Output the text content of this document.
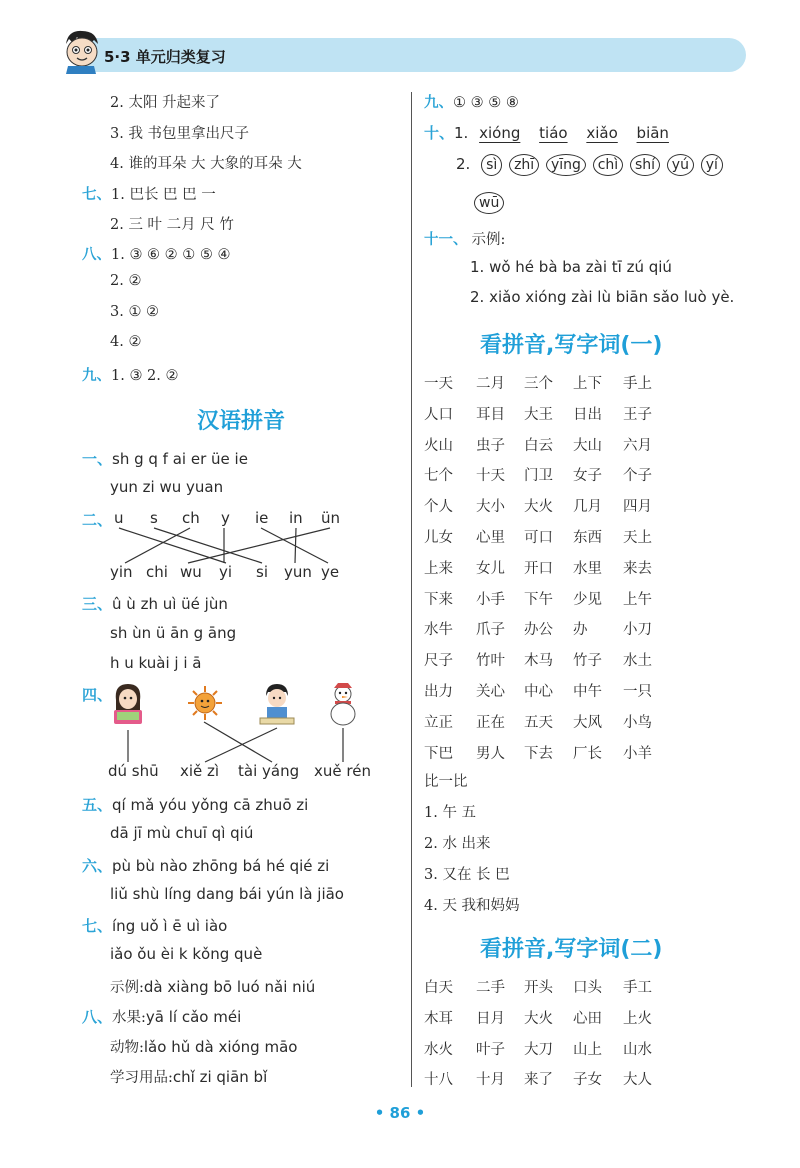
5·3 单元归类复习
2. 太阳 升起来了
3. 我 书包里拿出尺子
4. 谁的耳朵 大 大象的耳朵 大
七、1. 巴长 巴 巴 一
2. 三 叶 二月 尺 竹
八、1. ③ ⑥ ② ① ⑤ ④
2. ②
3. ① ②
4. ②
九、1. ③ 2. ②
汉语拼音
一、sh g q f ai er üe ie
yun zi wu yuan
二、 u s ch y ie in ün
yin chi wu yi si yun ye
三、û ù zh uì üé jùn
sh ùn ü ān g āng
h u kuài j i ā
四、
dú shū xiě zì tài yáng xuě rén
五、qí mǎ yóu yǒng cā zhuō zi
dā jī mù chuī qì qiú
六、pù bù nào zhōng bá hé qié zi
liǔ shù líng dang bái yún là jiāo
七、íng uǒ ì ē uì iào
iǎo ǒu èi k kǒng què
示例:dà xiàng bō luó nǎi niú
八、水果:yā lí cǎo méi
动物:lǎo hǔ dà xióng māo
学习用品:chǐ zi qiān bǐ
九、① ③ ⑤ ⑧
十、1. xióng tiáo xiǎo biān
2. sì zhī yīng chì shí yú yí
wū
十一、 示例:
1. wǒ hé bà ba zài tī zú qiú
2. xiǎo xióng zài lù biān sǎo luò yè.
看拼音,写字词(一)
一天 二月 三个 上下 手上
人口 耳目 大王 日出 王子
火山 虫子 白云 大山 六月
七个 十天 门卫 女子 个子
个人 大小 大火 几月 四月
儿女 心里 可口 东西 天上
上来 女儿 开口 水里 来去
下来 小手 下午 少见 上午
水牛 爪子 办公 办 小刀
尺子 竹叶 木马 竹子 水土
出力 关心 中心 中午 一只
立正 正在 五天 大风 小鸟
下巴 男人 下去 厂长 小羊
比一比
1. 午 五
2. 水 出来
3. 又在 长 巴
4. 天 我和妈妈
看拼音,写字词(二)
白天 二手 开头 口头 手工
木耳 日月 大火 心田 上火
水火 叶子 大刀 山上 山水
十八 十月 来了 子女 大人
• 86 •
